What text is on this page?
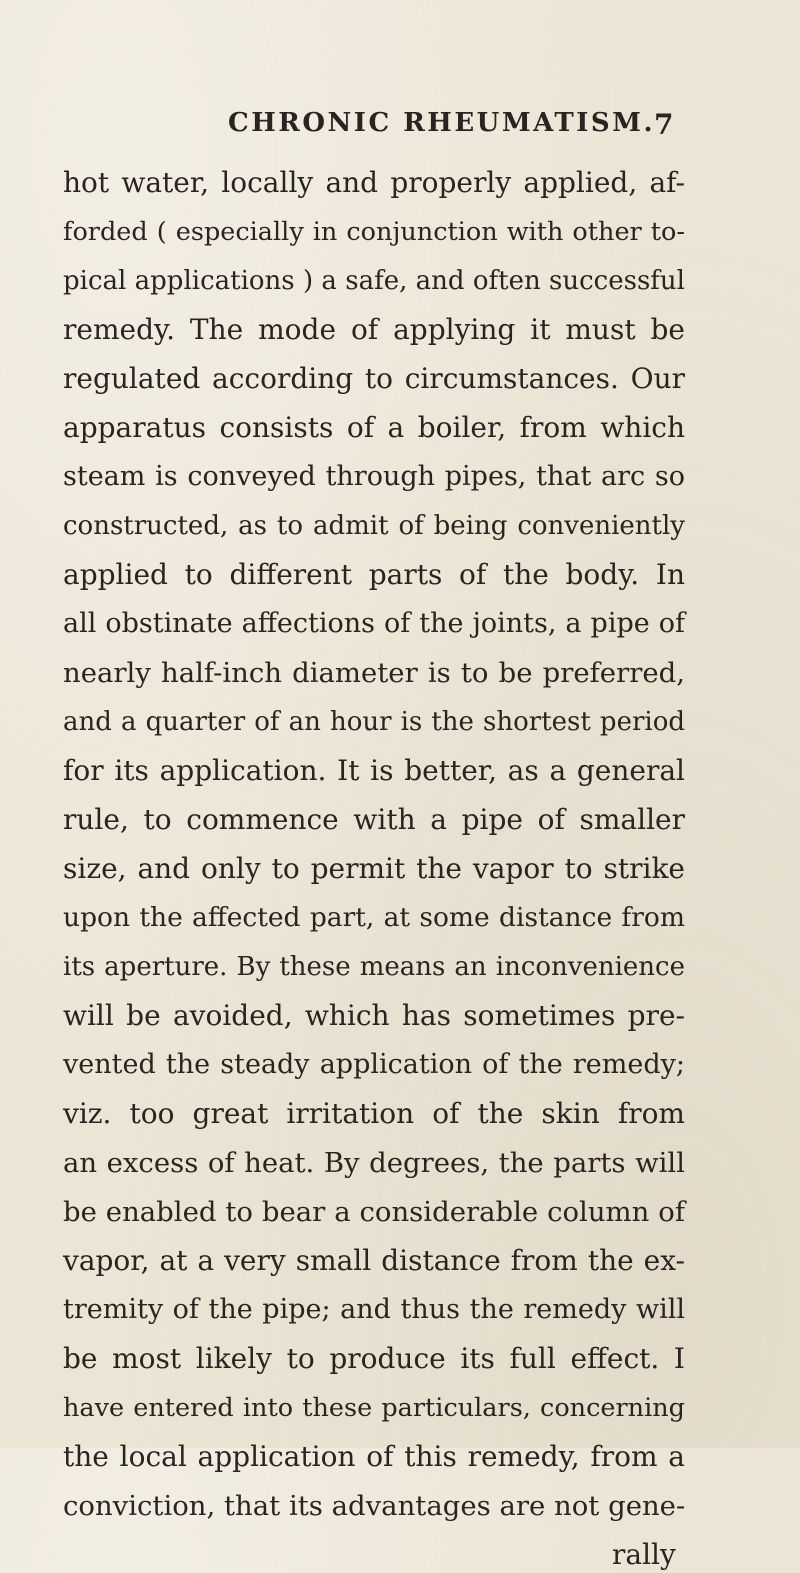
CHRONIC RHEUMATISM.
7
hot water, locally and properly applied, af-
forded ( especially in conjunction with other to-
pical applications ) a safe, and often successful
remedy. The mode of applying it must be
regulated according to circumstances. Our
apparatus consists of a boiler, from which
steam is conveyed through pipes, that arc so
constructed, as to admit of being conveniently
applied to different parts of the body. In
all obstinate affections of the joints, a pipe of
nearly half-inch diameter is to be preferred,
and a quarter of an hour is the shortest period
for its application. It is better, as a general
rule, to commence with a pipe of smaller
size, and only to permit the vapor to strike
upon the affected part, at some distance from
its aperture. By these means an inconvenience
will be avoided, which has sometimes pre-
vented the steady application of the remedy;
viz. too great irritation of the skin from
an excess of heat. By degrees, the parts will
be enabled to bear a considerable column of
vapor, at a very small distance from the ex-
tremity of the pipe; and thus the remedy will
be most likely to produce its full effect. I
have entered into these particulars, concerning
the local application of this remedy, from a
conviction, that its advantages are not gene-
rally
